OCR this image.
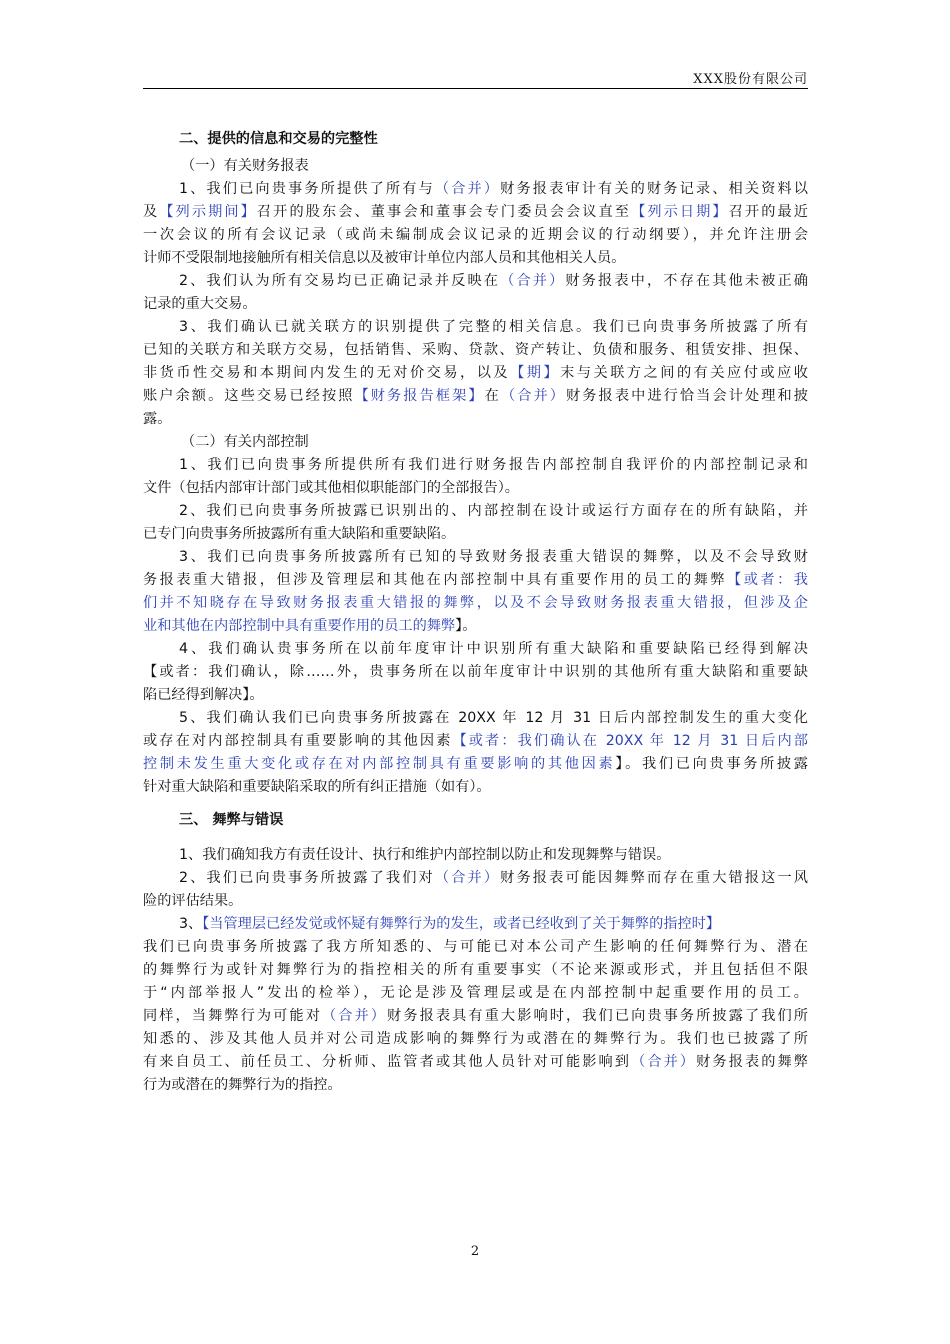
XXX股份有限公司
二、提供的信息和交易的完整性
（一）有关财务报表
1、我们已向贵事务所提供了所有与（合并）财务报表审计有关的财务记录、相关资料以
及【列示期间】召开的股东会、董事会和董事会专门委员会会议直至【列示日期】召开的最近
一次会议的所有会议记录（或尚未编制成会议记录的近期会议的行动纲要），并允许注册会
计师不受限制地接触所有相关信息以及被审计单位内部人员和其他相关人员。
2、我们认为所有交易均已正确记录并反映在（合并）财务报表中，不存在其他未被正确
记录的重大交易。
3、我们确认已就关联方的识别提供了完整的相关信息。我们已向贵事务所披露了所有
已知的关联方和关联方交易，包括销售、采购、贷款、资产转让、负债和服务、租赁安排、担保、
非货币性交易和本期间内发生的无对价交易，以及【期】末与关联方之间的有关应付或应收
账户余额。这些交易已经按照【财务报告框架】在（合并）财务报表中进行恰当会计处理和披
露。
（二）有关内部控制
1、我们已向贵事务所提供所有我们进行财务报告内部控制自我评价的内部控制记录和
文件（包括内部审计部门或其他相似职能部门的全部报告）。
2、我们已向贵事务所披露已识别出的、内部控制在设计或运行方面存在的所有缺陷，并
已专门向贵事务所披露所有重大缺陷和重要缺陷。
3、我们已向贵事务所披露所有已知的导致财务报表重大错误的舞弊，以及不会导致财
务报表重大错报，但涉及管理层和其他在内部控制中具有重要作用的员工的舞弊【或者：我
们并不知晓存在导致财务报表重大错报的舞弊，以及不会导致财务报表重大错报，但涉及企
业和其他在内部控制中具有重要作用的员工的舞弊】。
4、我们确认贵事务所在以前年度审计中识别所有重大缺陷和重要缺陷已经得到解决
【或者：我们确认，除……外，贵事务所在以前年度审计中识别的其他所有重大缺陷和重要缺
陷已经得到解决】。
5、我们确认我们已向贵事务所披露在 20XX 年 12 月 31 日后内部控制发生的重大变化
或存在对内部控制具有重要影响的其他因素【或者：我们确认在 20XX 年 12 月 31 日后内部
控制未发生重大变化或存在对内部控制具有重要影响的其他因素】。我们已向贵事务所披露
针对重大缺陷和重要缺陷采取的所有纠正措施（如有）。
三、 舞弊与错误
1、我们确知我方有责任设计、执行和维护内部控制以防止和发现舞弊与错误。
2、我们已向贵事务所披露了我们对（合并）财务报表可能因舞弊而存在重大错报这一风
险的评估结果。
3、【当管理层已经发觉或怀疑有舞弊行为的发生，或者已经收到了关于舞弊的指控时】
我们已向贵事务所披露了我方所知悉的、与可能已对本公司产生影响的任何舞弊行为、潜在
的舞弊行为或针对舞弊行为的指控相关的所有重要事实（不论来源或形式，并且包括但不限
于“内部举报人”发出的检举），无论是涉及管理层或是在内部控制中起重要作用的员工。
同样，当舞弊行为可能对（合并）财务报表具有重大影响时，我们已向贵事务所披露了我们所
知悉的、涉及其他人员并对公司造成影响的舞弊行为或潜在的舞弊行为。我们也已披露了所
有来自员工、前任员工、分析师、监管者或其他人员针对可能影响到（合并）财务报表的舞弊
行为或潜在的舞弊行为的指控。
2
